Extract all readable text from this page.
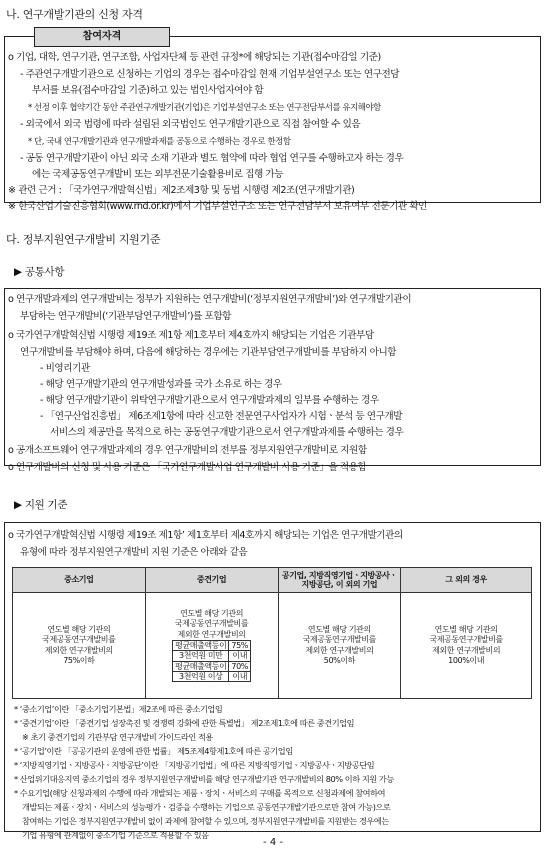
나. 연구개발기관의 신청 자격
참여자격
o 기업, 대학, 연구기관, 연구조합, 사업자단체 등 관련 규정*에 해당되는 기관(접수마감일 기준)
- 주관연구개발기관으로 신청하는 기업의 경우는 접수마감일 현재 기업부설연구소 또는 연구전담
부서를 보유(접수마감일 기준)하고 있는 법인사업자여야 함
* 선정 이후 협약기간 동안 주관연구개발기관(기업)은 기업부설연구소 또는 연구전담부서를 유지해야함
- 외국에서 외국 법령에 따라 설립된 외국법인도 연구개발기관으로 직접 참여할 수 있음
* 단, 국내 연구개발기관과 연구개발과제를 공동으로 수행하는 경우로 한정함
- 공동 연구개발기관이 아닌 외국 소재 기관과 별도 협약에 따라 협업 연구를 수행하고자 하는 경우
에는 국제공동연구개발비 또는 외부전문기술활용비로 집행 가능
※ 관련 근거 : 「국가연구개발혁신법」제2조제3항 및 동법 시행령 제2조(연구개발기관)
※ 한국산업기술진흥협회(www.rnd.or.kr)에서 기업부설연구소 또는 연구전담부서 보유여부 전문기관 확인
다. 정부지원연구개발비 지원기준
▶ 공통사항
o 연구개발과제의 연구개발비는 정부가 지원하는 연구개발비(‘정부지원연구개발비’)와 연구개발기관이
부담하는 연구개발비(‘기관부담연구개발비’)를 포함함
o 국가연구개발혁신법 시행령 제19조 제1항 제1호부터 제4호까지 해당되는 기업은 기관부담
연구개발비를 부담해야 하며, 다음에 해당하는 경우에는 기관부담연구개발비를 부담하지 아니함
- 비영리기관
- 해당 연구개발기관의 연구개발성과를 국가 소유로 하는 경우
- 해당 연구개발기관이 위탁연구개발기관으로서 연구개발과제의 일부를 수행하는 경우
- 「연구산업진흥법」 제6조제1항에 따라 신고한 전문연구사업자가 시험ㆍ분석 등 연구개발
서비스의 제공만을 목적으로 하는 공동연구개발기관으로서 연구개발과제를 수행하는 경우
o 공개소프트웨어 연구개발과제의 경우 연구개발비의 전부를 정부지원연구개발비로 지원함
o 연구개발비의 신청 및 사용 기준은 「국가연구개발사업 연구개발비 사용 기준」을 적용함
▶ 지원 기준
o 국가연구개발혁신법 시행령 제19조 제1항’ 제1호부터 제4호까지 해당되는 기업은 연구개발기관의
유형에 따라 정부지원연구개발비 지원 기준은 아래와 같음
중소기업	중견기업	공기업, 지방직영기업ㆍ지방공사ㆍ지방공단, 이 외의 기업	그 외의 경우

연도별 해당 기관의
국제공동연구개발비를
제외한 연구개발비의
75%이하

연도별 해당 기관의
국제공동연구개발비를
제외한 연구개발비의
평균매출액등이	75%
3천억원 미만	이내
평균매출액등이	70%
3천억원 이상	이내

연도별 해당 기관의
국제공동연구개발비를
제외한 연구개발비의
50%이하

연도별 해당 기관의
국제공동연구개발비를
제외한 연구개발비의
100%이내
* ‘중소기업’이란 「중소기업기본법」제2조에 따른 중소기업임
* ‘중견기업’이란 「중견기업 성장촉진 및 경쟁력 강화에 관한 특별법」 제2조제1호에 따른 중견기업임
※ 초기 중견기업의 기관부담 연구개발비 가이드라인 적용
* ‘공기업’이란 「공공기관의 운영에 관한 법률」 제5조제4항제1호에 따른 공기업임
* ‘지방직영기업ㆍ지방공사ㆍ지방공단’이란 「지방공기업법」에 따른 지방직영기업ㆍ지방공사ㆍ지방공단임
* 산업위기대응지역 중소기업의 경우 정부지원연구개발비를 해당 연구개발기관 연구개발비의 80% 이하 지원 가능
* 수요기업(해당 신청과제의 수행에 따라 개발되는 제품ㆍ장치ㆍ서비스의 구매를 목적으로 신청과제에 참여하여
개발되는 제품ㆍ장치ㆍ서비스의 성능평가ㆍ검증을 수행하는 기업으로 공동연구개발기관으로만 참여 가능)으로
참여하는 기업은 정부지원연구개발비 없이 과제에 참여할 수 있으며, 정부지원연구개발비를 지원받는 경우에는
기업 유형에 관계없이 중소기업 기준으로 적용할 수 있음
- 4 -
